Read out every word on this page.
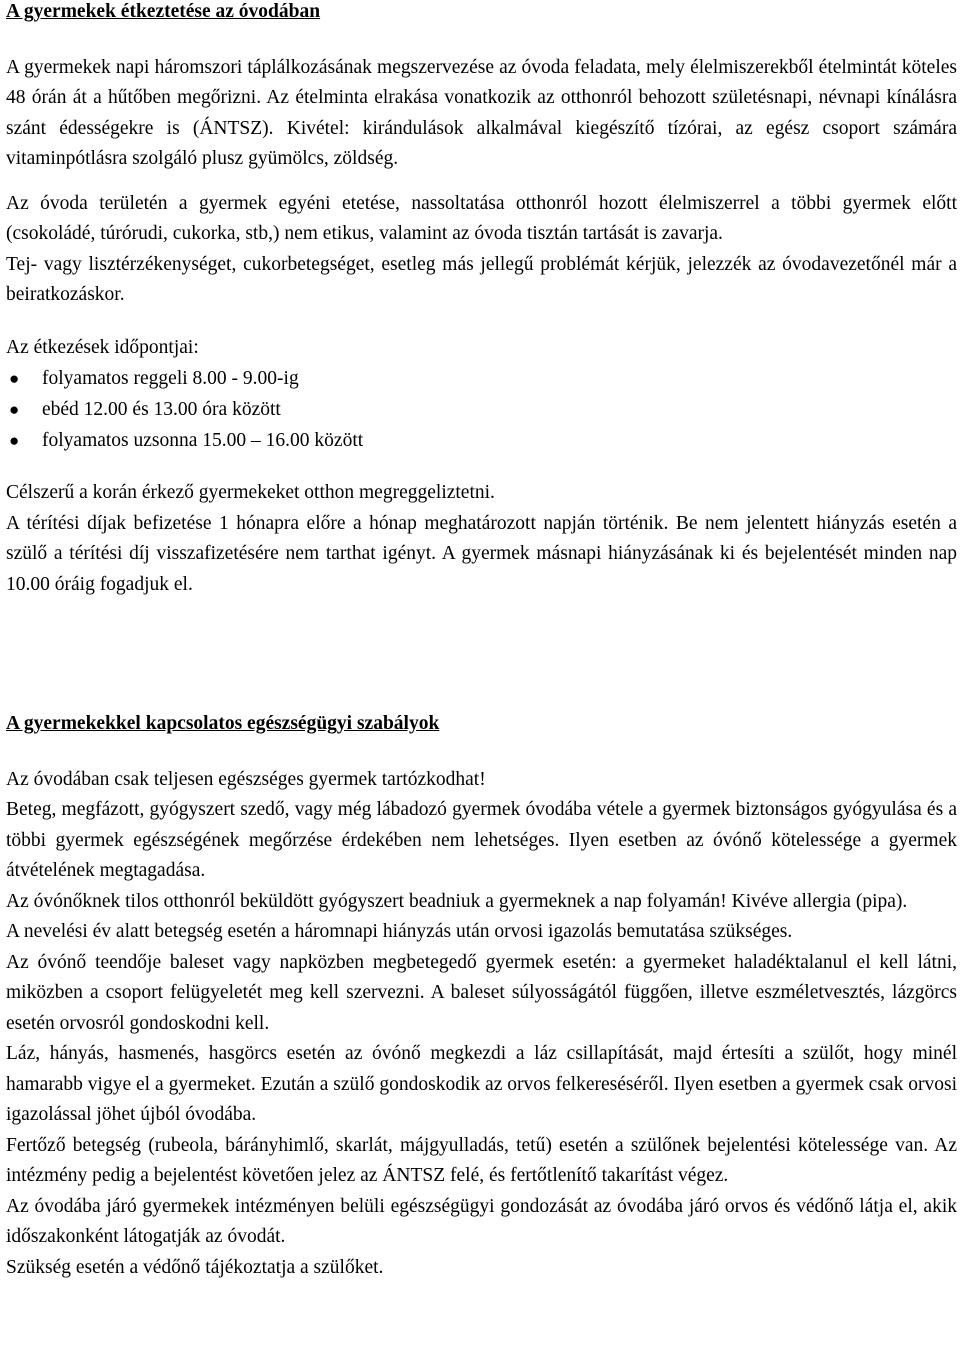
A gyermekek étkeztetése az óvodában

A gyermekek napi háromszori táplálkozásának megszervezése az óvoda feladata, mely élelmiszerekből ételmintát köteles 48 órán át a hűtőben megőrizni. Az ételminta elrakása vonatkozik az otthonról behozott születésnapi, névnapi kínálásra szánt édességekre is (ÁNTSZ). Kivétel: kirándulások alkalmával kiegészítő tízórai, az egész csoport számára vitaminpótlásra szolgáló plusz gyümölcs, zöldség.

Az óvoda területén a gyermek egyéni etetése, nassoltatása otthonról hozott élelmiszerrel a többi gyermek előtt (csokoládé, túrórudi, cukorka, stb,) nem etikus, valamint az óvoda tisztán tartását is zavarja.

Tej- vagy lisztérzékenységet, cukorbetegséget, esetleg más jellegű problémát kérjük, jelezzék az óvodavezetőnél már a beiratkozáskor.

Az étkezések időpontjai:

● folyamatos reggeli 8.00 - 9.00-ig
● ebéd 12.00 és 13.00 óra között
● folyamatos uzsonna 15.00 – 16.00 között

Célszerű a korán érkező gyermekeket otthon megreggeliztetni.

A térítési díjak befizetése 1 hónapra előre a hónap meghatározott napján történik. Be nem jelentett hiányzás esetén a szülő a térítési díj visszafizetésére nem tarthat igényt. A gyermek másnapi hiányzásának ki és bejelentését minden nap 10.00 óráig fogadjuk el.

A gyermekekkel kapcsolatos egészségügyi szabályok

Az óvodában csak teljesen egészséges gyermek tartózkodhat!

Beteg, megfázott, gyógyszert szedő, vagy még lábadozó gyermek óvodába vétele a gyermek biztonságos gyógyulása és a többi gyermek egészségének megőrzése érdekében nem lehetséges. Ilyen esetben az óvónő kötelessége a gyermek átvételének megtagadása.

Az óvónőknek tilos otthonról beküldött gyógyszert beadniuk a gyermeknek a nap folyamán! Kivéve allergia (pipa).

A nevelési év alatt betegség esetén a háromnapi hiányzás után orvosi igazolás bemutatása szükséges.

Az óvónő teendője baleset vagy napközben megbetegedő gyermek esetén: a gyermeket haladéktalanul el kell látni, miközben a csoport felügyeletét meg kell szervezni. A baleset súlyosságától függően, illetve eszméletvesztés, lázgörcs esetén orvosról gondoskodni kell.

Láz, hányás, hasmenés, hasgörcs esetén az óvónő megkezdi a láz csillapítását, majd értesíti a szülőt, hogy minél hamarabb vigye el a gyermeket. Ezután a szülő gondoskodik az orvos felkereséséről. Ilyen esetben a gyermek csak orvosi igazolással jöhet újból óvodába.

Fertőző betegség (rubeola, bárányhimlő, skarlát, májgyulladás, tetű) esetén a szülőnek bejelentési kötelessége van. Az intézmény pedig a bejelentést követően jelez az ÁNTSZ felé, és fertőtlenítő takarítást végez.

Az óvodába járó gyermekek intézményen belüli egészségügyi gondozását az óvodába járó orvos és védőnő látja el, akik időszakonként látogatják az óvodát.

Szükség esetén a védőnő tájékoztatja a szülőket.
